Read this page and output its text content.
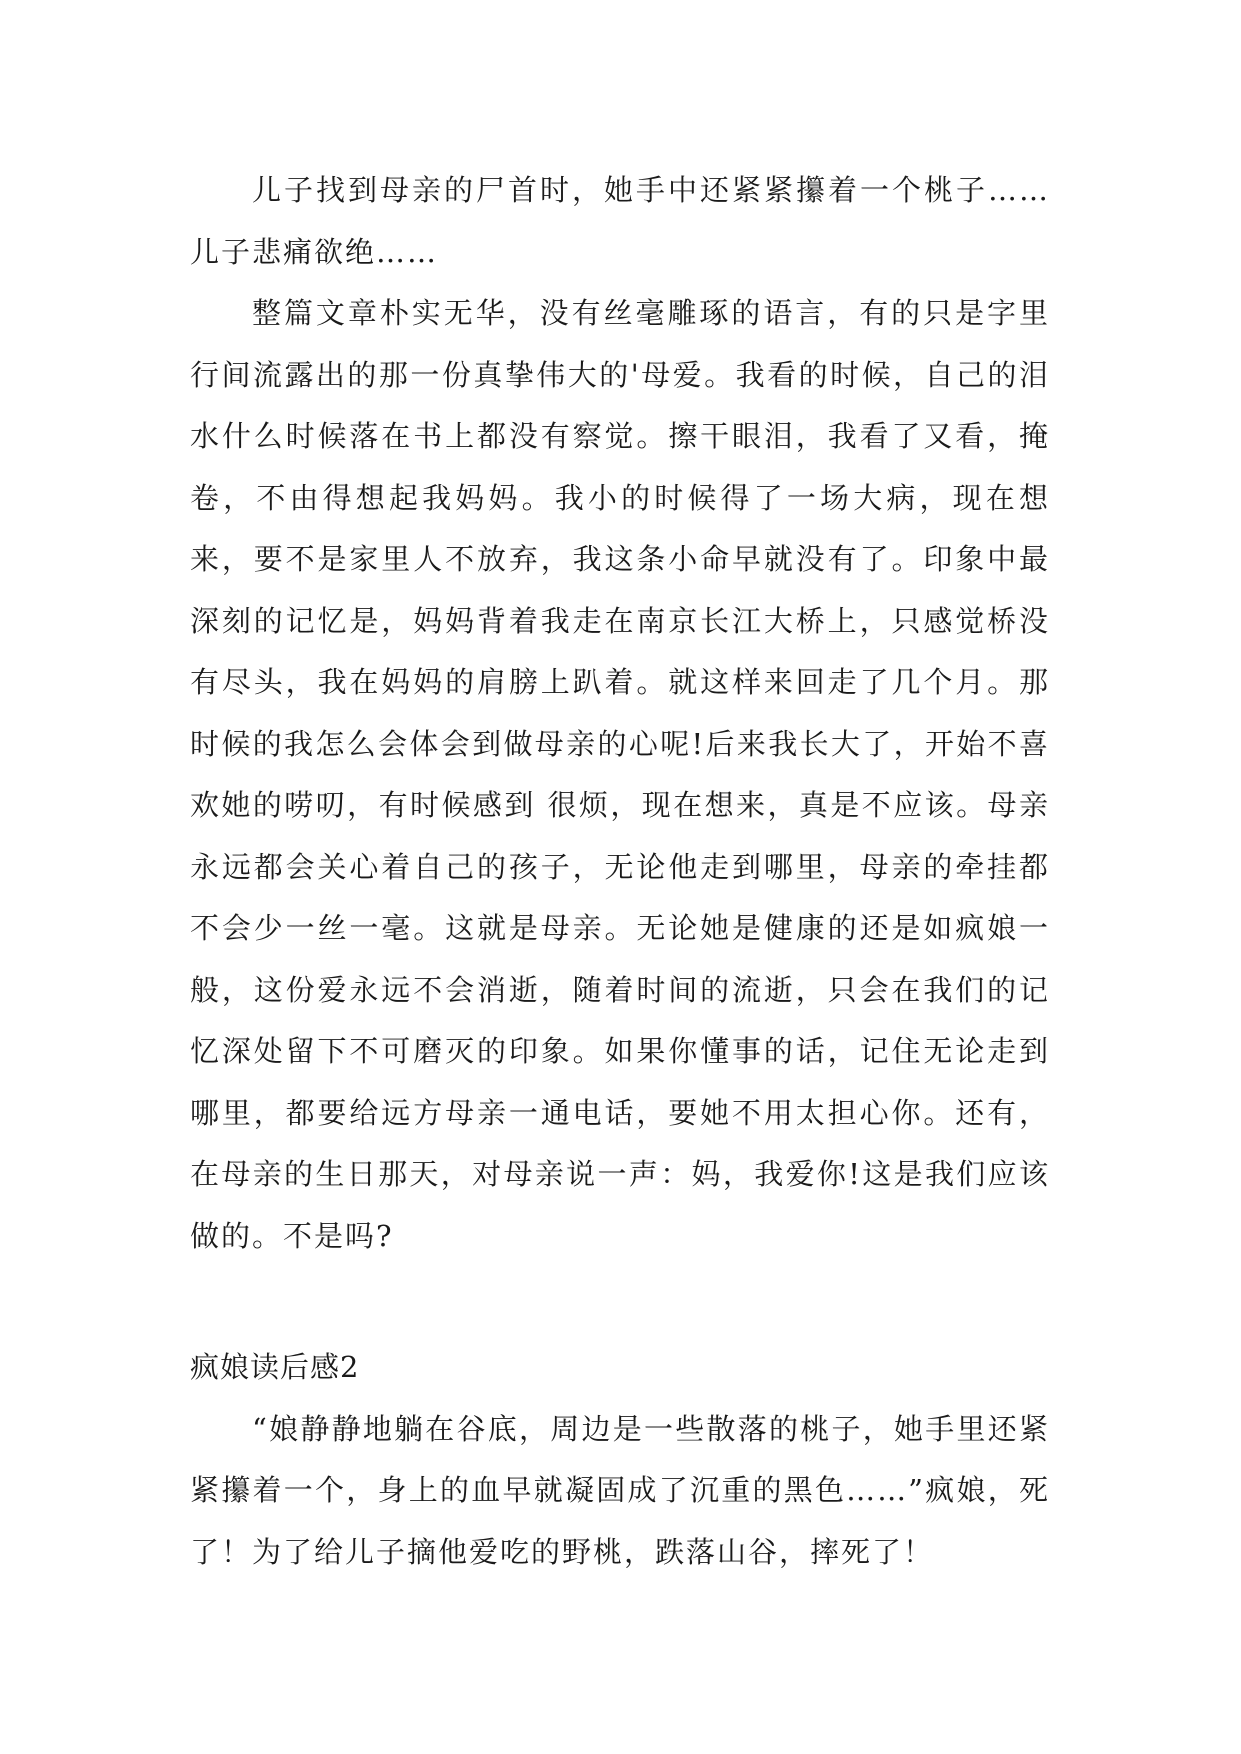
儿子找到母亲的尸首时，她手中还紧紧攥着一个桃子……儿子悲痛欲绝……

整篇文章朴实无华，没有丝毫雕琢的语言，有的只是字里行间流露出的那一份真挚伟大的'母爱。我看的时候，自己的泪水什么时候落在书上都没有察觉。擦干眼泪，我看了又看，掩卷，不由得想起我妈妈。我小的时候得了一场大病，现在想来，要不是家里人不放弃，我这条小命早就没有了。印象中最深刻的记忆是，妈妈背着我走在南京长江大桥上，只感觉桥没有尽头，我在妈妈的肩膀上趴着。就这样来回走了几个月。那时候的我怎么会体会到做母亲的心呢!后来我长大了，开始不喜欢她的唠叨，有时候感到 很烦，现在想来，真是不应该。母亲永远都会关心着自己的孩子，无论他走到哪里，母亲的牵挂都不会少一丝一毫。这就是母亲。无论她是健康的还是如疯娘一般，这份爱永远不会消逝，随着时间的流逝，只会在我们的记忆深处留下不可磨灭的印象。如果你懂事的话，记住无论走到哪里，都要给远方母亲一通电话，要她不用太担心你。还有，在母亲的生日那天，对母亲说一声：妈，我爱你!这是我们应该做的。不是吗?

疯娘读后感2

“娘静静地躺在谷底，周边是一些散落的桃子，她手里还紧紧攥着一个，身上的血早就凝固成了沉重的黑色……”疯娘，死了！为了给儿子摘他爱吃的野桃，跌落山谷，摔死了！
